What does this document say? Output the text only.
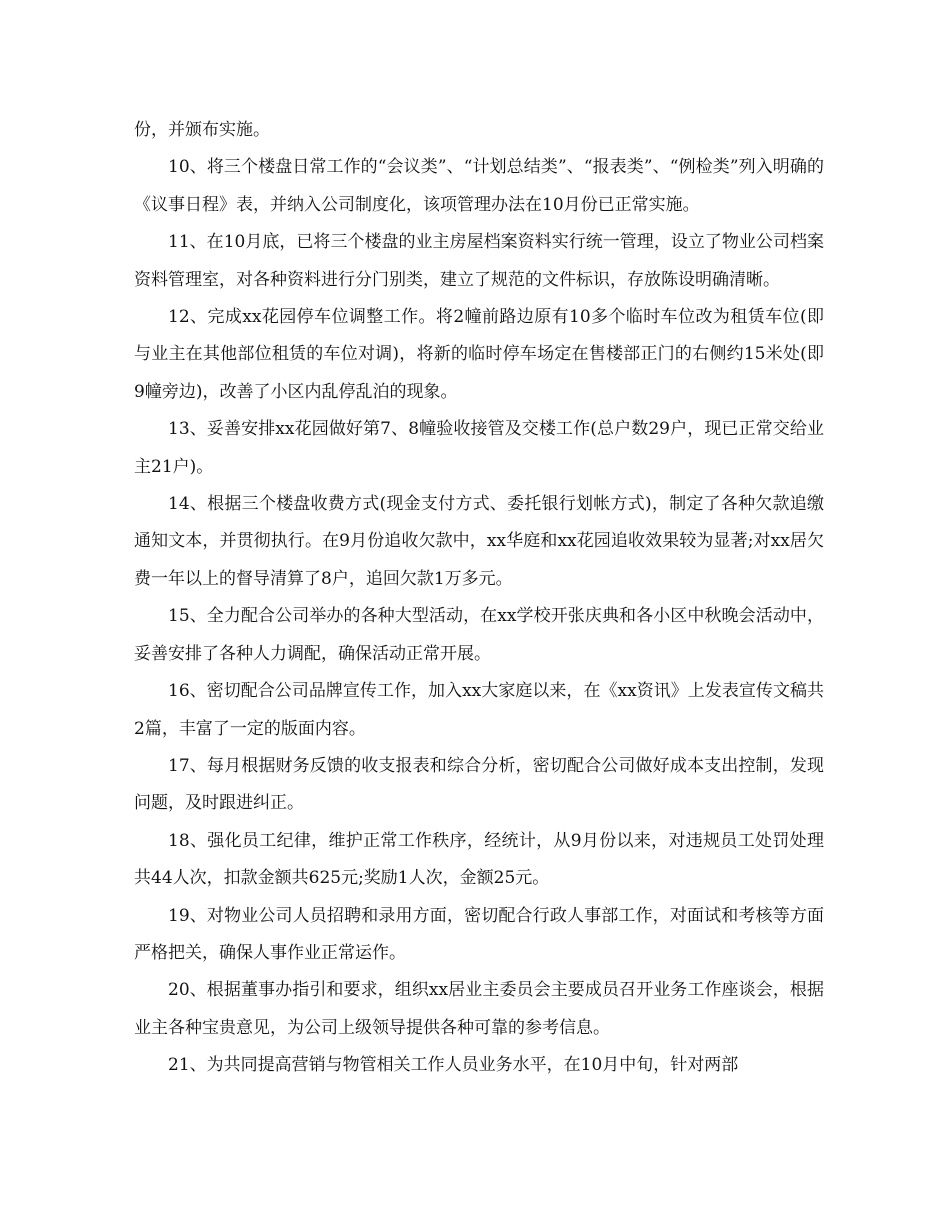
份，并颁布实施。

10、将三个楼盘日常工作的“会议类”、“计划总结类”、“报表类”、“例检类”列入明确的《议事日程》表，并纳入公司制度化，该项管理办法在10月份已正常实施。

11、在10月底，已将三个楼盘的业主房屋档案资料实行统一管理，设立了物业公司档案资料管理室，对各种资料进行分门别类，建立了规范的文件标识，存放陈设明确清晰。

12、完成xx花园停车位调整工作。将2幢前路边原有10多个临时车位改为租赁车位(即与业主在其他部位租赁的车位对调)，将新的临时停车场定在售楼部正门的右侧约15米处(即9幢旁边)，改善了小区内乱停乱泊的现象。

13、妥善安排xx花园做好第7、8幢验收接管及交楼工作(总户数29户，现已正常交给业主21户)。

14、根据三个楼盘收费方式(现金支付方式、委托银行划帐方式)，制定了各种欠款追缴通知文本，并贯彻执行。在9月份追收欠款中，xx华庭和xx花园追收效果较为显著;对xx居欠费一年以上的督导清算了8户，追回欠款1万多元。

15、全力配合公司举办的各种大型活动，在xx学校开张庆典和各小区中秋晚会活动中，妥善安排了各种人力调配，确保活动正常开展。

16、密切配合公司品牌宣传工作，加入xx大家庭以来，在《xx资讯》上发表宣传文稿共2篇，丰富了一定的版面内容。

17、每月根据财务反馈的收支报表和综合分析，密切配合公司做好成本支出控制，发现问题，及时跟进纠正。

18、强化员工纪律，维护正常工作秩序，经统计，从9月份以来，对违规员工处罚处理共44人次，扣款金额共625元;奖励1人次，金额25元。

19、对物业公司人员招聘和录用方面，密切配合行政人事部工作，对面试和考核等方面严格把关，确保人事作业正常运作。

20、根据董事办指引和要求，组织xx居业主委员会主要成员召开业务工作座谈会，根据业主各种宝贵意见，为公司上级领导提供各种可靠的参考信息。

21、为共同提高营销与物管相关工作人员业务水平，在10月中旬，针对两部
